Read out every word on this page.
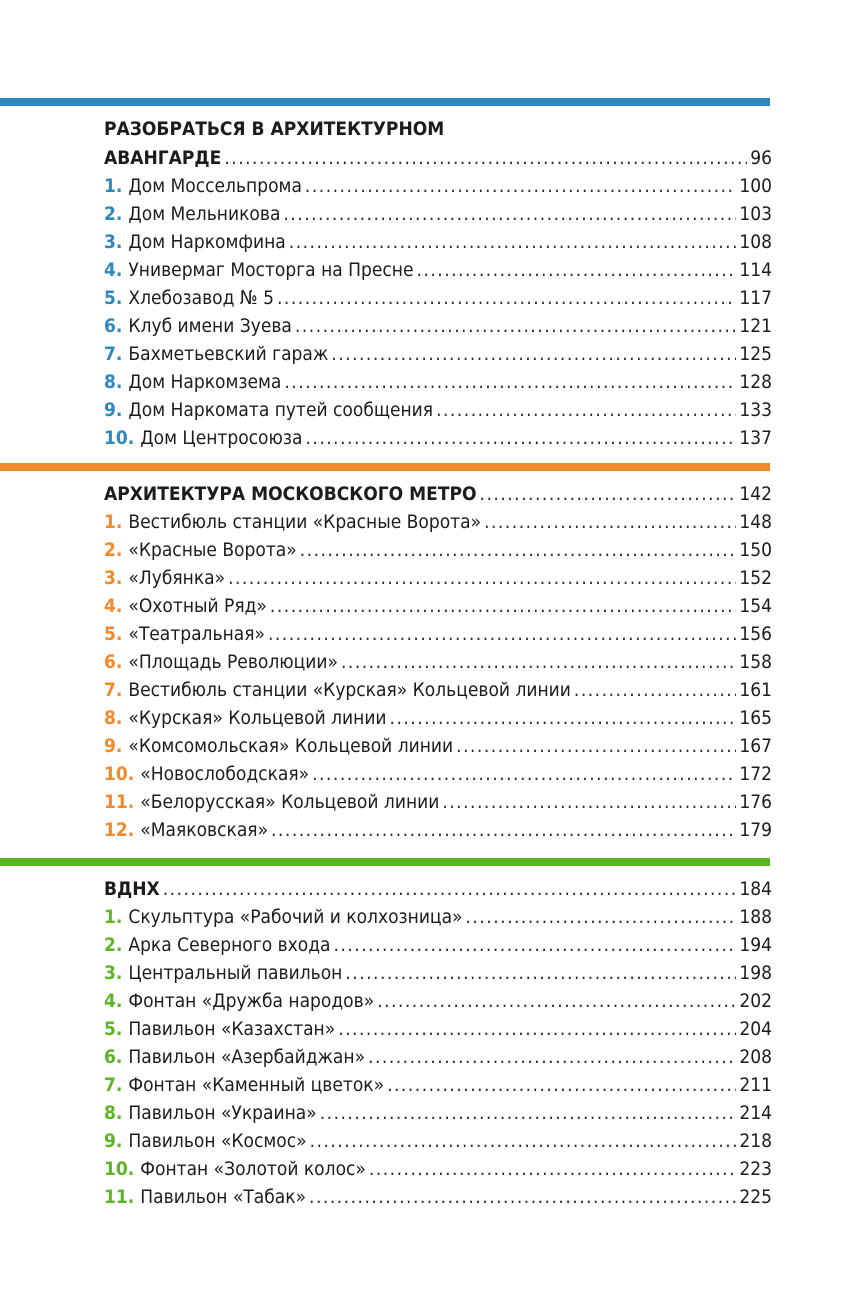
РАЗОБРАТЬСЯ В АРХИТЕКТУРНОМ
АВАНГАРДЕ .....	96
1. Дом Моссельпрома .....	100
2. Дом Мельникова .....	103
3. Дом Наркомфина .....	108
4. Универмаг Мосторга на Пресне .....	114
5. Хлебозавод № 5 .....	117
6. Клуб имени Зуева .....	121
7. Бахметьевский гараж .....	125
8. Дом Наркомзема .....	128
9. Дом Наркомата путей сообщения .....	133
10. Дом Центросоюза .....	137
АРХИТЕКТУРА МОСКОВСКОГО МЕТРО .....	142
1. Вестибюль станции «Красные Ворота» .....	148
2. «Красные Ворота» .....	150
3. «Лубянка» .....	152
4. «Охотный Ряд» .....	154
5. «Театральная» .....	156
6. «Площадь Революции» .....	158
7. Вестибюль станции «Курская» Кольцевой линии .....	161
8. «Курская» Кольцевой линии .....	165
9. «Комсомольская» Кольцевой линии .....	167
10. «Новослободская» .....	172
11. «Белорусская» Кольцевой линии .....	176
12. «Маяковская» .....	179
ВДНХ .....	184
1. Скульптура «Рабочий и колхозница» .....	188
2. Арка Северного входа .....	194
3. Центральный павильон .....	198
4. Фонтан «Дружба народов» .....	202
5. Павильон «Казахстан» .....	204
6. Павильон «Азербайджан» .....	208
7. Фонтан «Каменный цветок» .....	211
8. Павильон «Украина» .....	214
9. Павильон «Космос» .....	218
10. Фонтан «Золотой колос» .....	223
11. Павильон «Табак» .....	225
